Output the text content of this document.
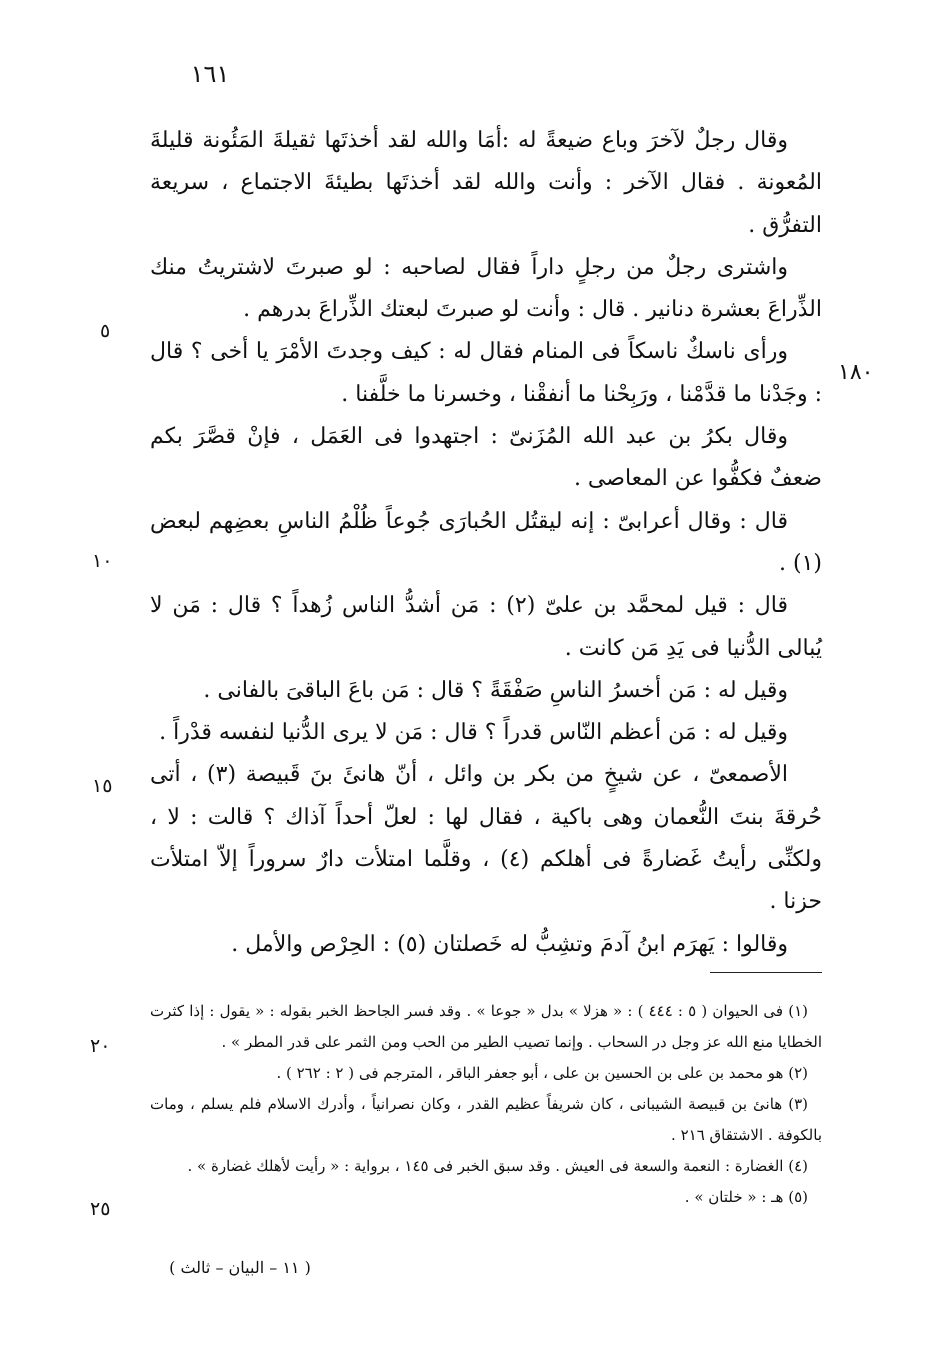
١٦١

وقال رجلٌ لآخرَ وباع ضيعةً له :أمَا والله لقد أخذتَها ثقيلةَ المَئُونة قليلةَ المُعونة . فقال الآخر : وأنت والله لقد أخذتَها بطيئةَ الاجتماع ، سريعة التفرُّق .

واشترى رجلٌ من رجلٍ داراً فقال لصاحبه : لو صبرتَ لاشتريتُ منك الذِّراعَ بعشرة دنانير . قال : وأنت لو صبرتَ لبعتك الذِّراعَ بدرهم .

ورأى ناسكٌ ناسكاً فى المنام فقال له : كيف وجدتَ الأمْرَ يا أخى ؟ قال : وجَدْنا ما قدَّمْنا ، ورَبِحْنا ما أنفقْنا ، وخسرنا ما خلَّفنا .

وقال بكرُ بن عبد الله المُزَنىّ : اجتهدوا فى العَمَل ، فإنْ قصَّرَ بكم ضعفٌ فكفُّوا عن المعاصى .

قال : وقال أعرابىّ : إنه ليقتُل الحُبارَى جُوعاً ظُلْمُ الناسِ بعضِهم لبعض (١) .

قال : قيل لمحمَّد بن علىّ (٢) : مَن أشدُّ الناس زُهداً ؟ قال : مَن لا يُبالى الدُّنيا فى يَدِ مَن كانت .

وقيل له : مَن أخسرُ الناسِ صَفْقَةً ؟ قال : مَن باعَ الباقىَ بالفانى .

وقيل له : مَن أعظم النّاس قدراً ؟ قال : مَن لا يرى الدُّنيا لنفسه قدْراً .

الأصمعىّ ، عن شيخٍ من بكر بن وائل ، أنّ هانئَ بنَ قَبيصة (٣) ، أتى حُرقةَ بنتَ النُّعمان وهى باكية ، فقال لها : لعلّ أحداً آذاك ؟ قالت : لا ، ولكنِّى رأيتُ غَضارةً فى أهلكم (٤) ، وقلَّما امتلأت دارٌ سروراً إلاّ امتلأت حزنا .

وقالوا : يَهرَم ابنُ آدمَ وتشِبُّ له خَصلتان (٥) : الحِرْص والأمل .

٥
١٨٠
١٠
١٥
٢٠
٢٥

(١) فى الحيوان ( ٥ : ٤٤٤ ) : « هزلا » بدل « جوعا » . وقد فسر الجاحظ الخبر بقوله : « يقول : إذا كثرت الخطايا منع الله عز وجل در السحاب . وإنما تصيب الطير من الحب ومن الثمر على قدر المطر » .

(٢) هو محمد بن على بن الحسين بن على ، أبو جعفر الباقر ، المترجم فى ( ٢ : ٢٦٢ ) .

(٣) هانئ بن قبيصة الشيبانى ، كان شريفاً عظيم القدر ، وكان نصرانياً ، وأدرك الاسلام فلم يسلم ، ومات بالكوفة . الاشتقاق ٢١٦ .

(٤) الغضارة : النعمة والسعة فى العيش . وقد سبق الخبر فى ١٤٥ ، برواية : « رأيت لأهلك غضارة » .

(٥) هـ : « خلتان » .

( ١١ – البيان – ثالث )
